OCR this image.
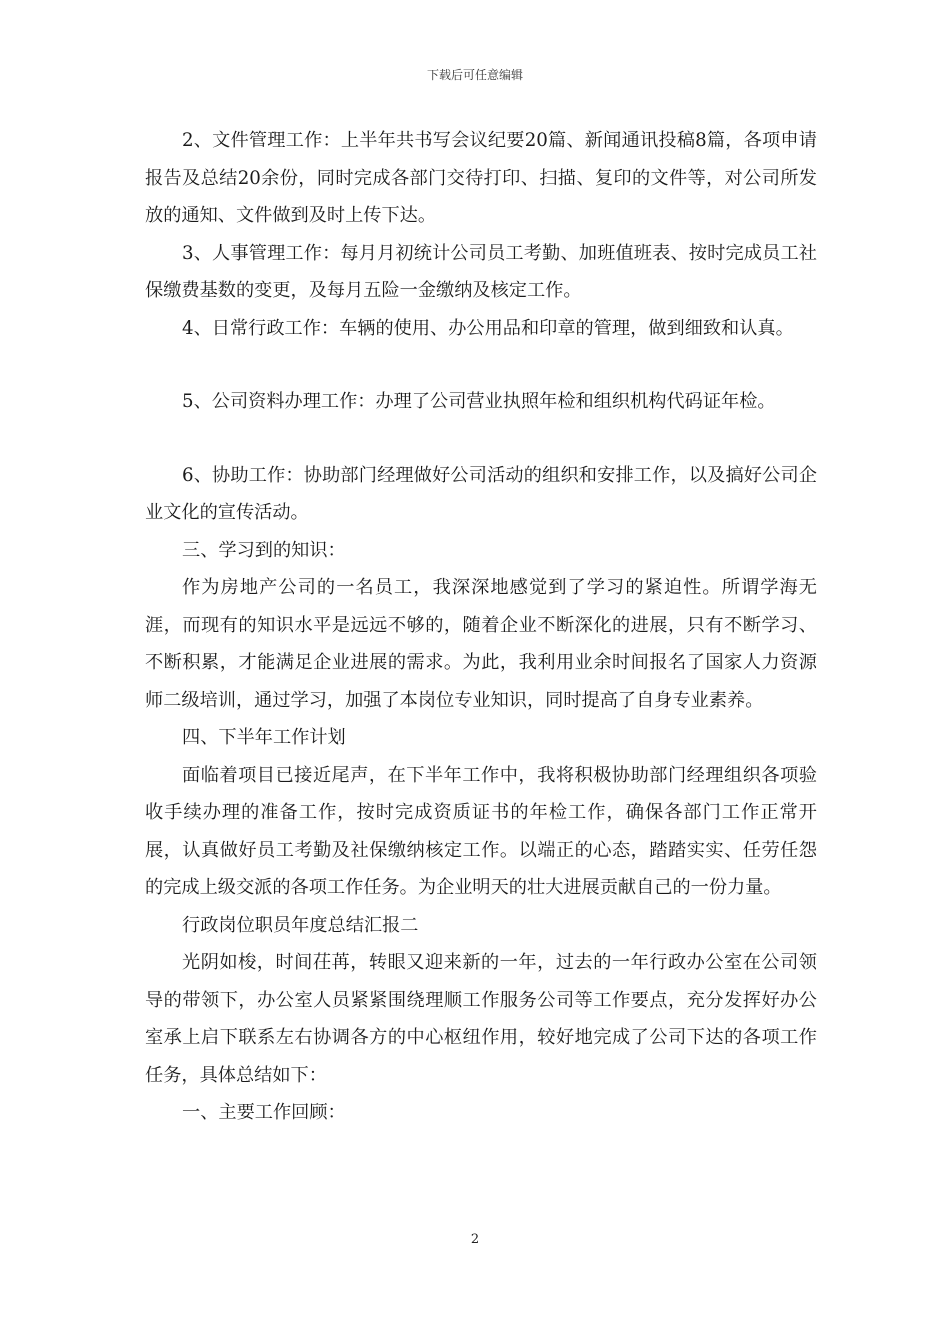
下载后可任意编辑

2、文件管理工作：上半年共书写会议纪要20篇、新闻通讯投稿8篇，各项申请报告及总结20余份，同时完成各部门交待打印、扫描、复印的文件等，对公司所发放的通知、文件做到及时上传下达。

3、人事管理工作：每月月初统计公司员工考勤、加班值班表、按时完成员工社保缴费基数的变更，及每月五险一金缴纳及核定工作。

4、日常行政工作：车辆的使用、办公用品和印章的管理，做到细致和认真。

5、公司资料办理工作：办理了公司营业执照年检和组织机构代码证年检。

6、协助工作：协助部门经理做好公司活动的组织和安排工作，以及搞好公司企业文化的宣传活动。

三、学习到的知识：

作为房地产公司的一名员工，我深深地感觉到了学习的紧迫性。所谓学海无涯，而现有的知识水平是远远不够的，随着企业不断深化的进展，只有不断学习、不断积累，才能满足企业进展的需求。为此，我利用业余时间报名了国家人力资源师二级培训，通过学习，加强了本岗位专业知识，同时提高了自身专业素养。

四、下半年工作计划

面临着项目已接近尾声，在下半年工作中，我将积极协助部门经理组织各项验收手续办理的准备工作，按时完成资质证书的年检工作，确保各部门工作正常开展，认真做好员工考勤及社保缴纳核定工作。以端正的心态，踏踏实实、任劳任怨的完成上级交派的各项工作任务。为企业明天的壮大进展贡献自己的一份力量。

行政岗位职员年度总结汇报二

光阴如梭，时间茌苒，转眼又迎来新的一年，过去的一年行政办公室在公司领导的带领下，办公室人员紧紧围绕理顺工作服务公司等工作要点，充分发挥好办公室承上启下联系左右协调各方的中心枢纽作用，较好地完成了公司下达的各项工作任务，具体总结如下：

一、主要工作回顾：

2
